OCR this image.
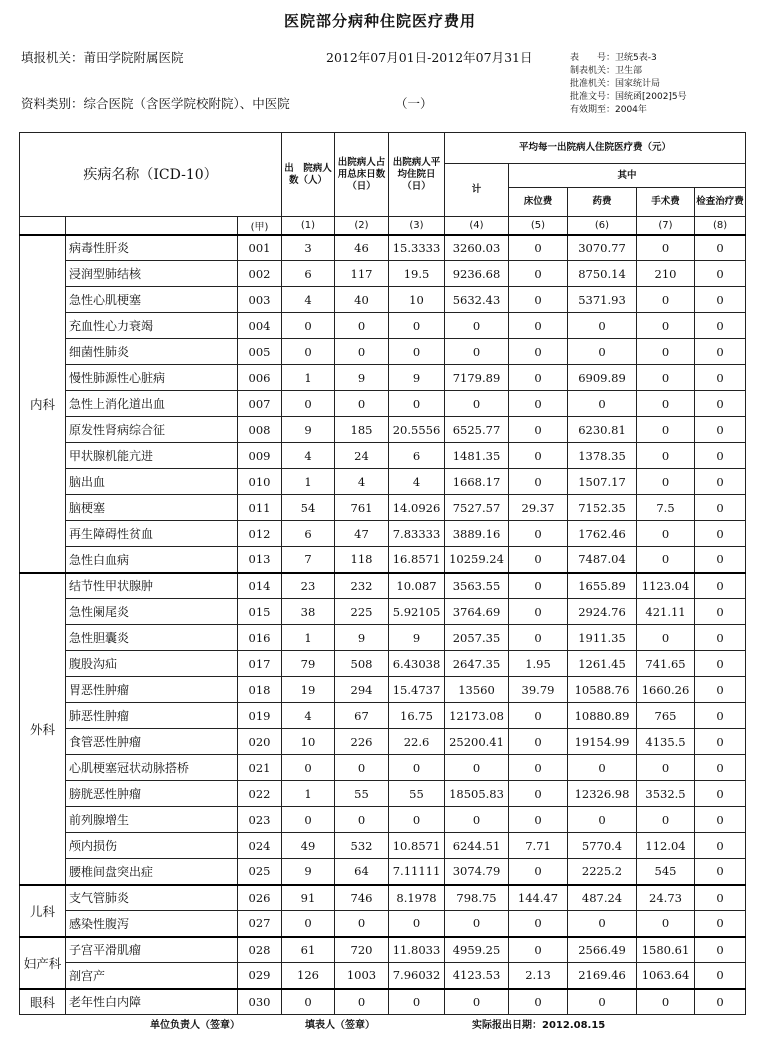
医院部分病种住院医疗费用
填报机关：莆田学院附属医院	2012年07月01日-2012年07月31日
资料类别：综合医院（含医学院校附院）、中医院	（一）
表　　号：卫统5表-3
制表机关：卫生部
批准机关：国家统计局
批准文号：国统函[2002]5号
有效期至：2004年
疾病名称（ICD-10）			出　院病人数（人）	出院病人占用总床日数（日）	出院病人平均住院日（日）	平均每一出院病人住院医疗费（元）				
						计	其中			
							床位费	药费	手术费	检查治疗费
		(甲)	(1)	(2)	(3)	(4)	(5)	(6)	(7)	(8)
内科	病毒性肝炎	001	3	46	15.3333	3260.03	0	3070.77	0	0
	浸润型肺结核	002	6	117	19.5	9236.68	0	8750.14	210	0
	急性心肌梗塞	003	4	40	10	5632.43	0	5371.93	0	0
	充血性心力衰竭	004	0	0	0	0	0	0	0	0
	细菌性肺炎	005	0	0	0	0	0	0	0	0
	慢性肺源性心脏病	006	1	9	9	7179.89	0	6909.89	0	0
	急性上消化道出血	007	0	0	0	0	0	0	0	0
	原发性肾病综合征	008	9	185	20.5556	6525.77	0	6230.81	0	0
	甲状腺机能亢进	009	4	24	6	1481.35	0	1378.35	0	0
	脑出血	010	1	4	4	1668.17	0	1507.17	0	0
	脑梗塞	011	54	761	14.0926	7527.57	29.37	7152.35	7.5	0
	再生障碍性贫血	012	6	47	7.83333	3889.16	0	1762.46	0	0
	急性白血病	013	7	118	16.8571	10259.24	0	7487.04	0	0
外科	结节性甲状腺肿	014	23	232	10.087	3563.55	0	1655.89	1123.04	0
	急性阑尾炎	015	38	225	5.92105	3764.69	0	2924.76	421.11	0
	急性胆囊炎	016	1	9	9	2057.35	0	1911.35	0	0
	腹股沟疝	017	79	508	6.43038	2647.35	1.95	1261.45	741.65	0
	胃恶性肿瘤	018	19	294	15.4737	13560	39.79	10588.76	1660.26	0
	肺恶性肿瘤	019	4	67	16.75	12173.08	0	10880.89	765	0
	食管恶性肿瘤	020	10	226	22.6	25200.41	0	19154.99	4135.5	0
	心肌梗塞冠状动脉搭桥	021	0	0	0	0	0	0	0	0
	膀胱恶性肿瘤	022	1	55	55	18505.83	0	12326.98	3532.5	0
	前列腺增生	023	0	0	0	0	0	0	0	0
	颅内损伤	024	49	532	10.8571	6244.51	7.71	5770.4	112.04	0
	腰椎间盘突出症	025	9	64	7.11111	3074.79	0	2225.2	545	0
儿科	支气管肺炎	026	91	746	8.1978	798.75	144.47	487.24	24.73	0
	感染性腹泻	027	0	0	0	0	0	0	0	0
妇产科	子宫平滑肌瘤	028	61	720	11.8033	4959.25	0	2566.49	1580.61	0
	剖宫产	029	126	1003	7.96032	4123.53	2.13	2169.46	1063.64	0
眼科	老年性白内障	030	0	0	0	0	0	0	0	0
单位负责人（签章）	填表人（签章）	实际报出日期：2012.08.15
